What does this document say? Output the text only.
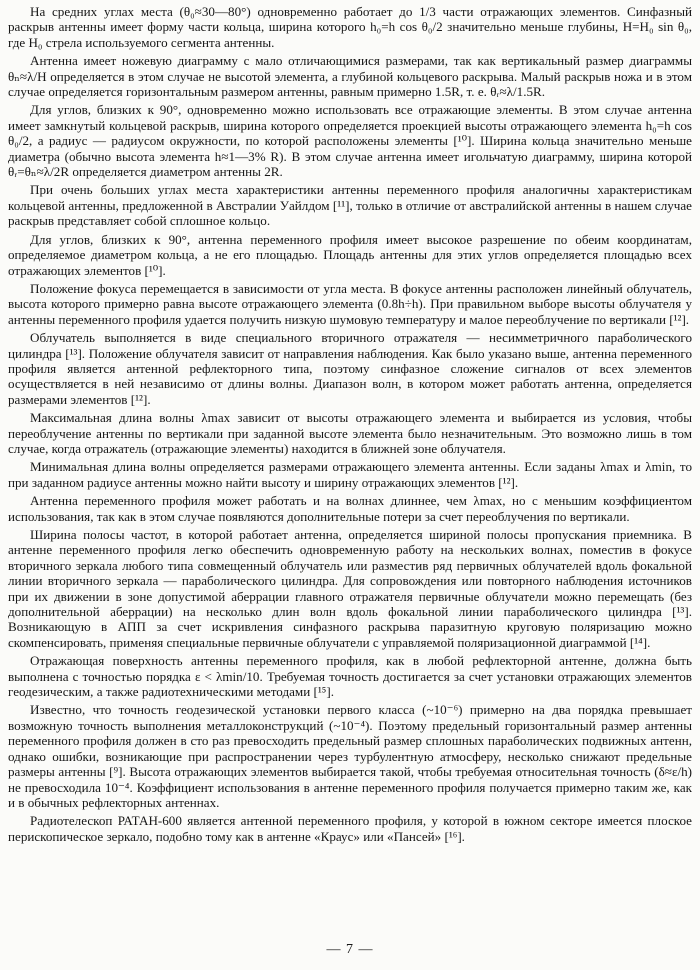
На средних углах места (θ₀≈30—80°) одновременно работает до 1/3 части отражающих элементов. Синфазный раскрыв антенны имеет форму части кольца, ширина которого h₀=h cos θ₀/2 значительно меньше глубины, H=H₀ sin θ₀, где H₀ стрела используемого сегмента антенны.

Антенна имеет ножевую диаграмму с мало отличающимися размерами, так как вертикальный размер диаграммы θₙ≈λ/H определяется в этом случае не высотой элемента, а глубиной кольцевого раскрыва. Малый раскрыв ножа и в этом случае определяется горизонтальным размером антенны, равным примерно 1.5R, т. е. θᵣ≈λ/1.5R.

Для углов, близких к 90°, одновременно можно использовать все отражающие элементы. В этом случае антенна имеет замкнутый кольцевой раскрыв, ширина которого определяется проекцией высоты отражающего элемента h₀=h cos θ₀/2, а радиус — радиусом окружности, по которой расположены элементы [¹⁰]. Ширина кольца значительно меньше диаметра (обычно высота элемента h≈1—3% R). В этом случае антенна имеет игольчатую диаграмму, ширина которой θᵣ=θₙ≈λ/2R определяется диаметром антенны 2R.

При очень больших углах места характеристики антенны переменного профиля аналогичны характеристикам кольцевой антенны, предложенной в Австралии Уайлдом [¹¹], только в отличие от австралийской антенны в нашем случае раскрыв представляет собой сплошное кольцо.

Для углов, близких к 90°, антенна переменного профиля имеет высокое разрешение по обеим координатам, определяемое диаметром кольца, а не его площадью. Площадь антенны для этих углов определяется площадью всех отражающих элементов [¹⁰].

Положение фокуса перемещается в зависимости от угла места. В фокусе антенны расположен линейный облучатель, высота которого примерно равна высоте отражающего элемента (0.8h÷h). При правильном выборе высоты облучателя у антенны переменного профиля удается получить низкую шумовую температуру и малое переоблучение по вертикали [¹²].

Облучатель выполняется в виде специального вторичного отражателя — несимметричного параболического цилиндра [¹³]. Положение облучателя зависит от направления наблюдения. Как было указано выше, антенна переменного профиля является антенной рефлекторного типа, поэтому синфазное сложение сигналов от всех элементов осуществляется в ней независимо от длины волны. Диапазон волн, в котором может работать антенна, определяется размерами элементов [¹²].

Максимальная длина волны λmax зависит от высоты отражающего элемента и выбирается из условия, чтобы переоблучение антенны по вертикали при заданной высоте элемента было незначительным. Это возможно лишь в том случае, когда отражатель (отражающие элементы) находится в ближней зоне облучателя.

Минимальная длина волны определяется размерами отражающего элемента антенны. Если заданы λmax и λmin, то при заданном радиусе антенны можно найти высоту и ширину отражающих элементов [¹²].

Антенна переменного профиля может работать и на волнах длиннее, чем λmax, но с меньшим коэффициентом использования, так как в этом случае появляются дополнительные потери за счет переоблучения по вертикали.

Ширина полосы частот, в которой работает антенна, определяется шириной полосы пропускания приемника. В антенне переменного профиля легко обеспечить одновременную работу на нескольких волнах, поместив в фокусе вторичного зеркала любого типа совмещенный облучатель или разместив ряд первичных облучателей вдоль фокальной линии вторичного зеркала — параболического цилиндра. Для сопровождения или повторного наблюдения источников при их движении в зоне допустимой аберрации главного отражателя первичные облучатели можно перемещать (без дополнительной аберрации) на несколько длин волн вдоль фокальной линии параболического цилиндра [¹³]. Возникающую в АПП за счет искривления синфазного раскрыва паразитную круговую поляризацию можно скомпенсировать, применяя специальные первичные облучатели с управляемой поляризационной диаграммой [¹⁴].

Отражающая поверхность антенны переменного профиля, как в любой рефлекторной антенне, должна быть выполнена с точностью порядка ε < λmin/10. Требуемая точность достигается за счет установки отражающих элементов геодезическим, а также радиотехническими методами [¹⁵].

Известно, что точность геодезической установки первого класса (~10⁻⁶) примерно на два порядка превышает возможную точность выполнения металлоконструкций (~10⁻⁴). Поэтому предельный горизонтальный размер антенны переменного профиля должен в сто раз превосходить предельный размер сплошных параболических подвижных антенн, однако ошибки, возникающие при распространении через турбулентную атмосферу, несколько снижают предельные размеры антенны [⁹]. Высота отражающих элементов выбирается такой, чтобы требуемая относительная точность (δ≈ε/h) не превосходила 10⁻⁴. Коэффициент использования в антенне переменного профиля получается примерно таким же, как и в обычных рефлекторных антеннах.

Радиотелескоп РАТАН-600 является антенной переменного профиля, у которой в южном секторе имеется плоское перископическое зеркало, подобно тому как в антенне «Краус» или «Пансей» [¹⁶].

— 7 —
